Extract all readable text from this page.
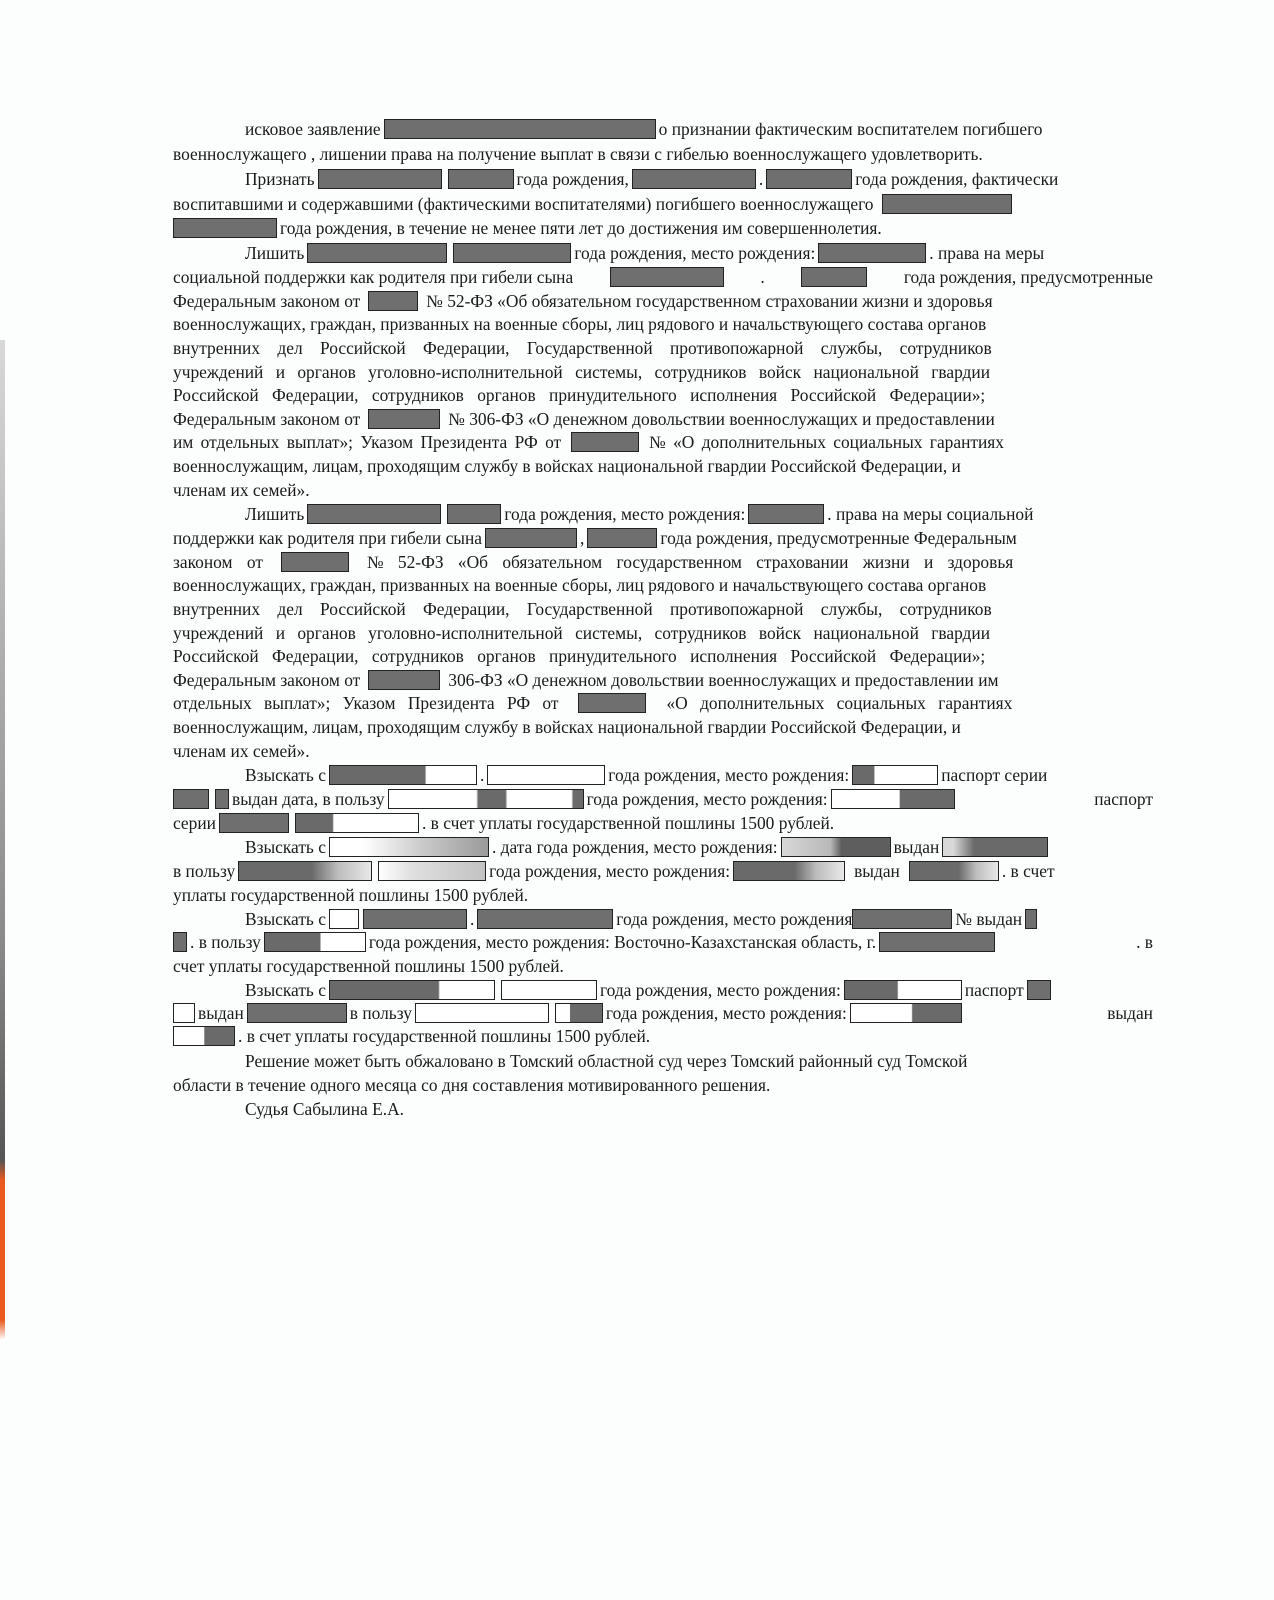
исковое заявление	о признании фактическим воспитателем погибшего
военнослужащего , лишении права на получение выплат в связи с гибелью военнослужащего удовлетворить.
Признать	года рождения,	.	года рождения, фактически
воспитавшими и содержавшими (фактическими воспитателями) погибшего военнослужащего
года рождения, в течение не менее пяти лет до достижения им совершеннолетия.
Лишить	года рождения, место рождения:	. права на меры
социальной поддержки как родителя при гибели сына	.	года рождения, предусмотренные
Федеральным законом от	№ 52-ФЗ «Об обязательном государственном страховании жизни и здоровья
военнослужащих, граждан, призванных на военные сборы, лиц рядового и начальствующего состава органов
внутренних дел Российской Федерации, Государственной противопожарной службы, сотрудников
учреждений и органов уголовно-исполнительной системы, сотрудников войск национальной гвардии
Российской Федерации, сотрудников органов принудительного исполнения Российской Федерации»;
Федеральным законом от	№ 306-ФЗ «О денежном довольствии военнослужащих и предоставлении
им отдельных выплат»; Указом Президента РФ от	№ «О дополнительных социальных гарантиях
военнослужащим, лицам, проходящим службу в войсках национальной гвардии Российской Федерации, и
членам их семей».
Лишить	года рождения, место рождения:	. права на меры социальной
поддержки как родителя при гибели сына	,	года рождения, предусмотренные Федеральным
законом от	№ 52-ФЗ «Об обязательном государственном страховании жизни и здоровья
военнослужащих, граждан, призванных на военные сборы, лиц рядового и начальствующего состава органов
внутренних дел Российской Федерации, Государственной противопожарной службы, сотрудников
учреждений и органов уголовно-исполнительной системы, сотрудников войск национальной гвардии
Российской Федерации, сотрудников органов принудительного исполнения Российской Федерации»;
Федеральным законом от	306-ФЗ «О денежном довольствии военнослужащих и предоставлении им
отдельных выплат»; Указом Президента РФ от	«О дополнительных социальных гарантиях
военнослужащим, лицам, проходящим службу в войсках национальной гвардии Российской Федерации, и
членам их семей».
Взыскать с	.	года рождения, место рождения:	паспорт серии
выдан дата, в пользу	года рождения, место рождения:	паспорт
серии	. в счет уплаты государственной пошлины 1500 рублей.
Взыскать с	. дата года рождения, место рождения:	выдан
в пользу	года рождения, место рождения:	выдан	. в счет
уплаты государственной пошлины 1500 рублей.
Взыскать с	.	года рождения, место рождения	№ выдан
. в пользу	года рождения, место рождения: Восточно-Казахстанская область, г.	. в
счет уплаты государственной пошлины 1500 рублей.
Взыскать с	года рождения, место рождения:	паспорт
выдан	в пользу	года рождения, место рождения:	выдан
. в счет уплаты государственной пошлины 1500 рублей.
Решение может быть обжаловано в Томский областной суд через Томский районный суд Томской
области в течение одного месяца со дня составления мотивированного решения.
Судья Сабылина Е.А.
